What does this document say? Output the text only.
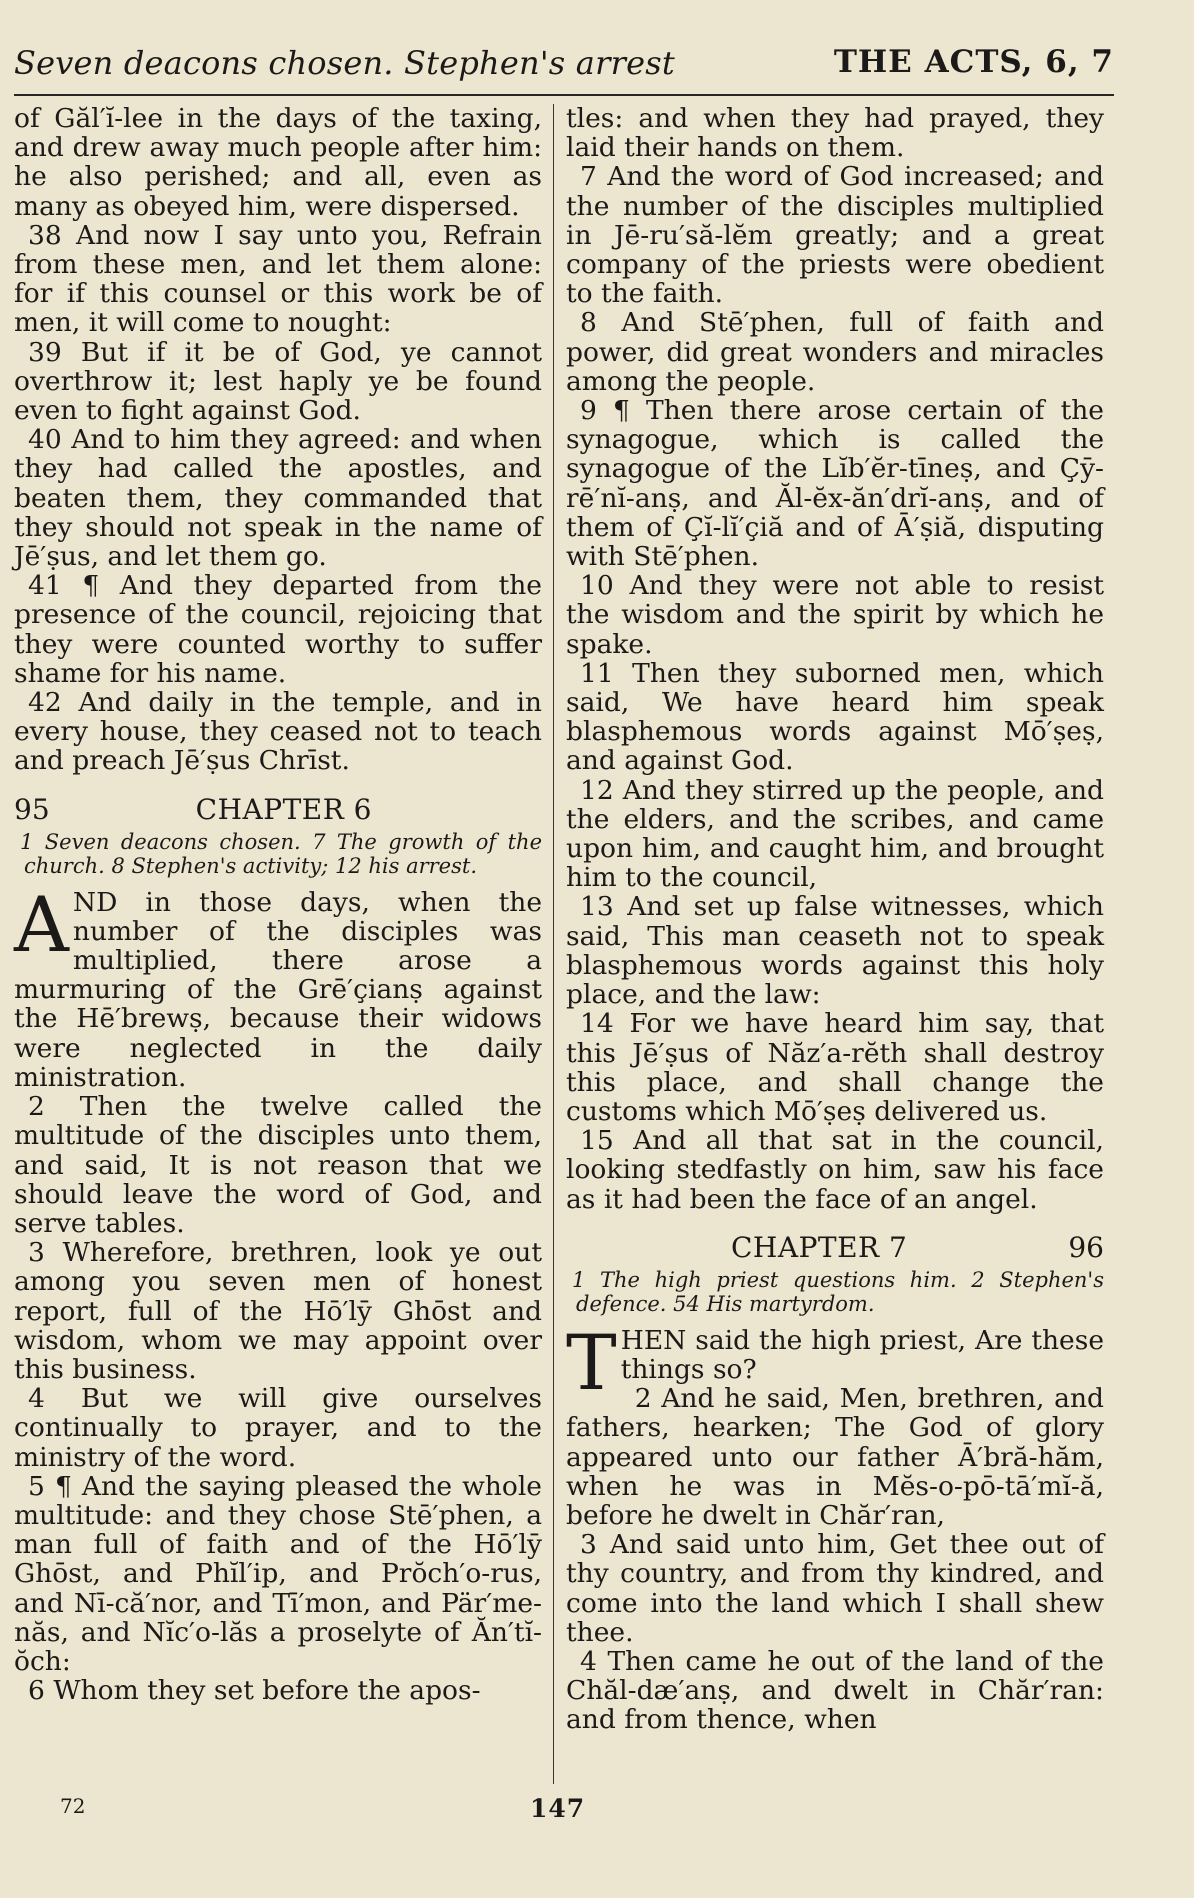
Seven deacons chosen. Stephen's arrest	THE ACTS, 6, 7

of Găl′ĭ-lee in the days of the taxing, and drew away much people after him: he also perished; and all, even as many as obeyed him, were dispersed.

38 And now I say unto you, Refrain from these men, and let them alone: for if this counsel or this work be of men, it will come to nought:

39 But if it be of God, ye cannot overthrow it; lest haply ye be found even to fight against God.

40 And to him they agreed: and when they had called the apostles, and beaten them, they commanded that they should not speak in the name of Jē′ṣus, and let them go.

41 ¶ And they departed from the presence of the council, rejoicing that they were counted worthy to suffer shame for his name.

42 And daily in the temple, and in every house, they ceased not to teach and preach Jē′ṣus Chrīst.

95	CHAPTER 6

1 Seven deacons chosen. 7 The growth of the church. 8 Stephen's activity; 12 his arrest.

AND in those days, when the number of the disciples was multiplied, there arose a murmuring of the Grē′çianṣ against the Hē′brewṣ, because their widows were neglected in the daily ministration.

2 Then the twelve called the multitude of the disciples unto them, and said, It is not reason that we should leave the word of God, and serve tables.

3 Wherefore, brethren, look ye out among you seven men of honest report, full of the Hō′lȳ Ghōst and wisdom, whom we may appoint over this business.

4 But we will give ourselves continually to prayer, and to the ministry of the word.

5 ¶ And the saying pleased the whole multitude: and they chose Stē′phen, a man full of faith and of the Hō′lȳ Ghōst, and Phĭl′ip, and Prŏch′o-rus, and Nī-că′nor, and Tī′mon, and Pär′me-năs, and Nĭc′o-lăs a proselyte of Ăn′tĭ-ŏch:

6 Whom they set before the apos-

tles: and when they had prayed, they laid their hands on them.

7 And the word of God increased; and the number of the disciples multiplied in Jē-ru′să-lĕm greatly; and a great company of the priests were obedient to the faith.

8 And Stē′phen, full of faith and power, did great wonders and miracles among the people.

9 ¶ Then there arose certain of the synagogue, which is called the synagogue of the Lĭb′ĕr-tīneṣ, and Çȳ-rē′nĭ-anṣ, and Ăl-ĕx-ăn′drĭ-anṣ, and of them of Çĭ-lĭ′çiă and of Ā′ṣiă, disputing with Stē′phen.

10 And they were not able to resist the wisdom and the spirit by which he spake.

11 Then they suborned men, which said, We have heard him speak blasphemous words against Mō′ṣeṣ, and against God.

12 And they stirred up the people, and the elders, and the scribes, and came upon him, and caught him, and brought him to the council,

13 And set up false witnesses, which said, This man ceaseth not to speak blasphemous words against this holy place, and the law:

14 For we have heard him say, that this Jē′ṣus of Năz′a-rĕth shall destroy this place, and shall change the customs which Mō′ṣeṣ delivered us.

15 And all that sat in the council, looking stedfastly on him, saw his face as it had been the face of an angel.

CHAPTER 7	96

1 The high priest questions him. 2 Stephen's defence. 54 His martyrdom.

THEN said the high priest, Are these things so?

2 And he said, Men, brethren, and fathers, hearken; The God of glory appeared unto our father Ā′bră-hăm, when he was in Mĕs-o-pō-tā′mĭ-ă, before he dwelt in Chăr′ran,

3 And said unto him, Get thee out of thy country, and from thy kindred, and come into the land which I shall shew thee.

4 Then came he out of the land of the Chăl-dæ′anṣ, and dwelt in Chăr′ran: and from thence, when

72	147
